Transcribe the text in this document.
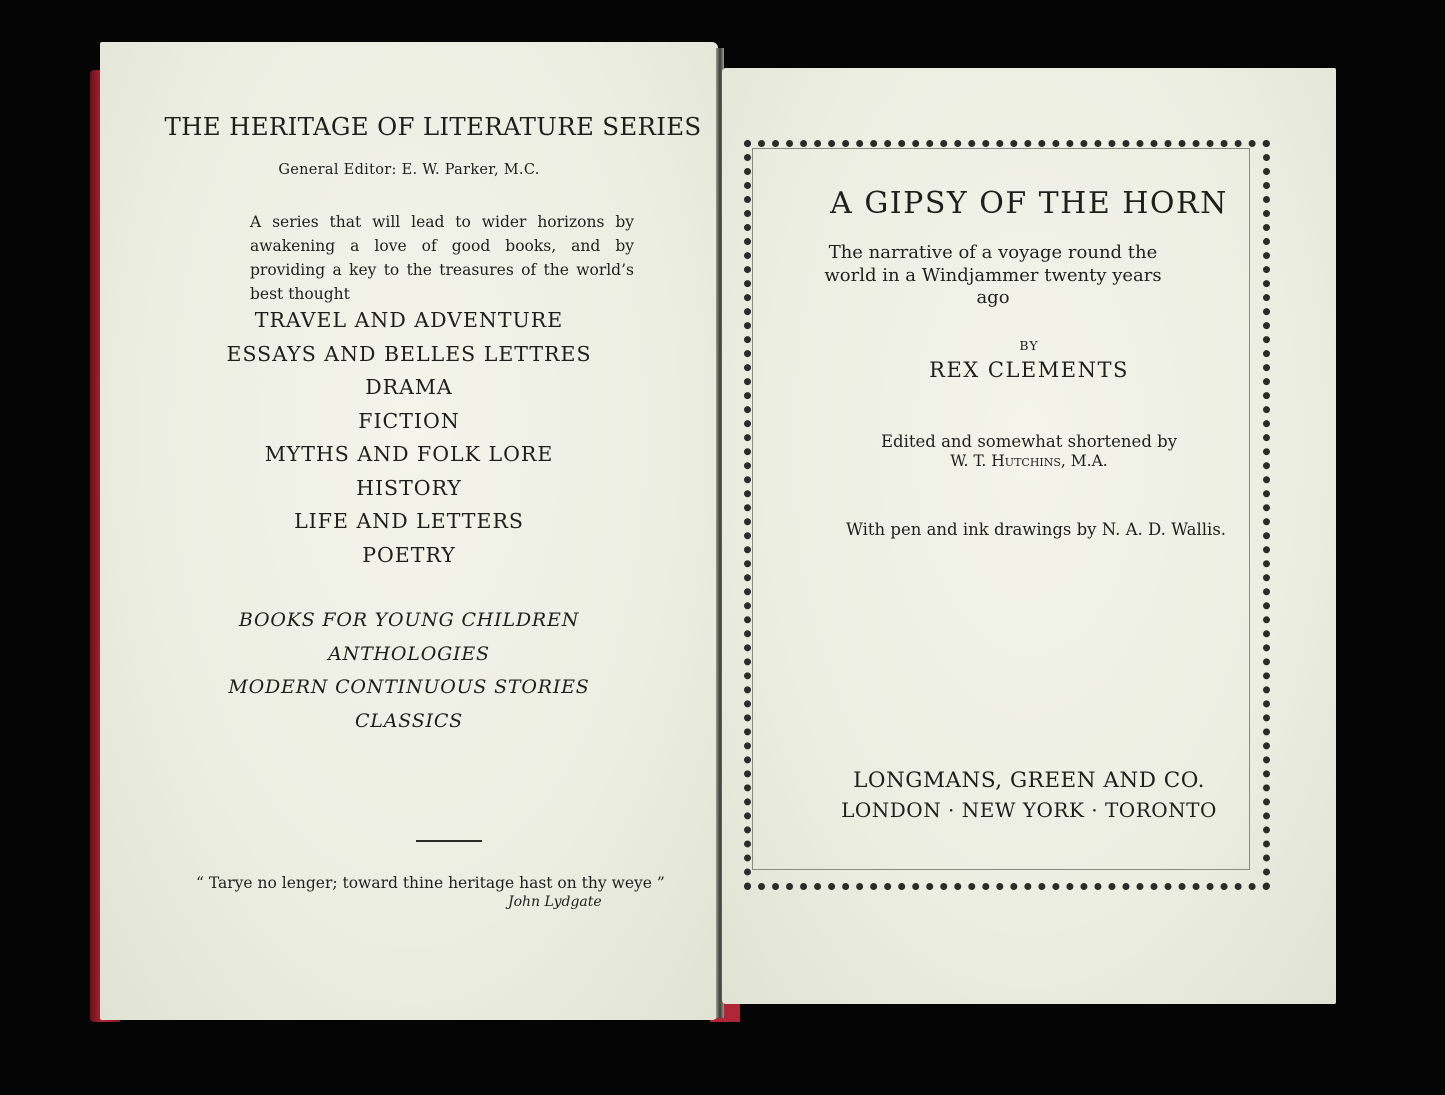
THE HERITAGE OF LITERATURE SERIES
General Editor: E. W. Parker, M.C.
A series that will lead to wider horizons by awakening a love of good books, and by providing a key to the treasures of the world’s best thought
TRAVEL AND ADVENTURE
ESSAYS AND BELLES LETTRES
DRAMA
FICTION
MYTHS AND FOLK LORE
HISTORY
LIFE AND LETTERS
POETRY
BOOKS FOR YOUNG CHILDREN
ANTHOLOGIES
MODERN CONTINUOUS STORIES
CLASSICS
“ Tarye no lenger; toward thine heritage hast on thy weye ”
John Lydgate
A GIPSY OF THE HORN
The narrative of a voyage round the world in a Windjammer twenty years ago
BY
REX CLEMENTS
Edited and somewhat shortened by
W. T. Hutchins, M.A.
With pen and ink drawings by N. A. D. Wallis.
LONGMANS, GREEN AND CO.
LONDON · NEW YORK · TORONTO
